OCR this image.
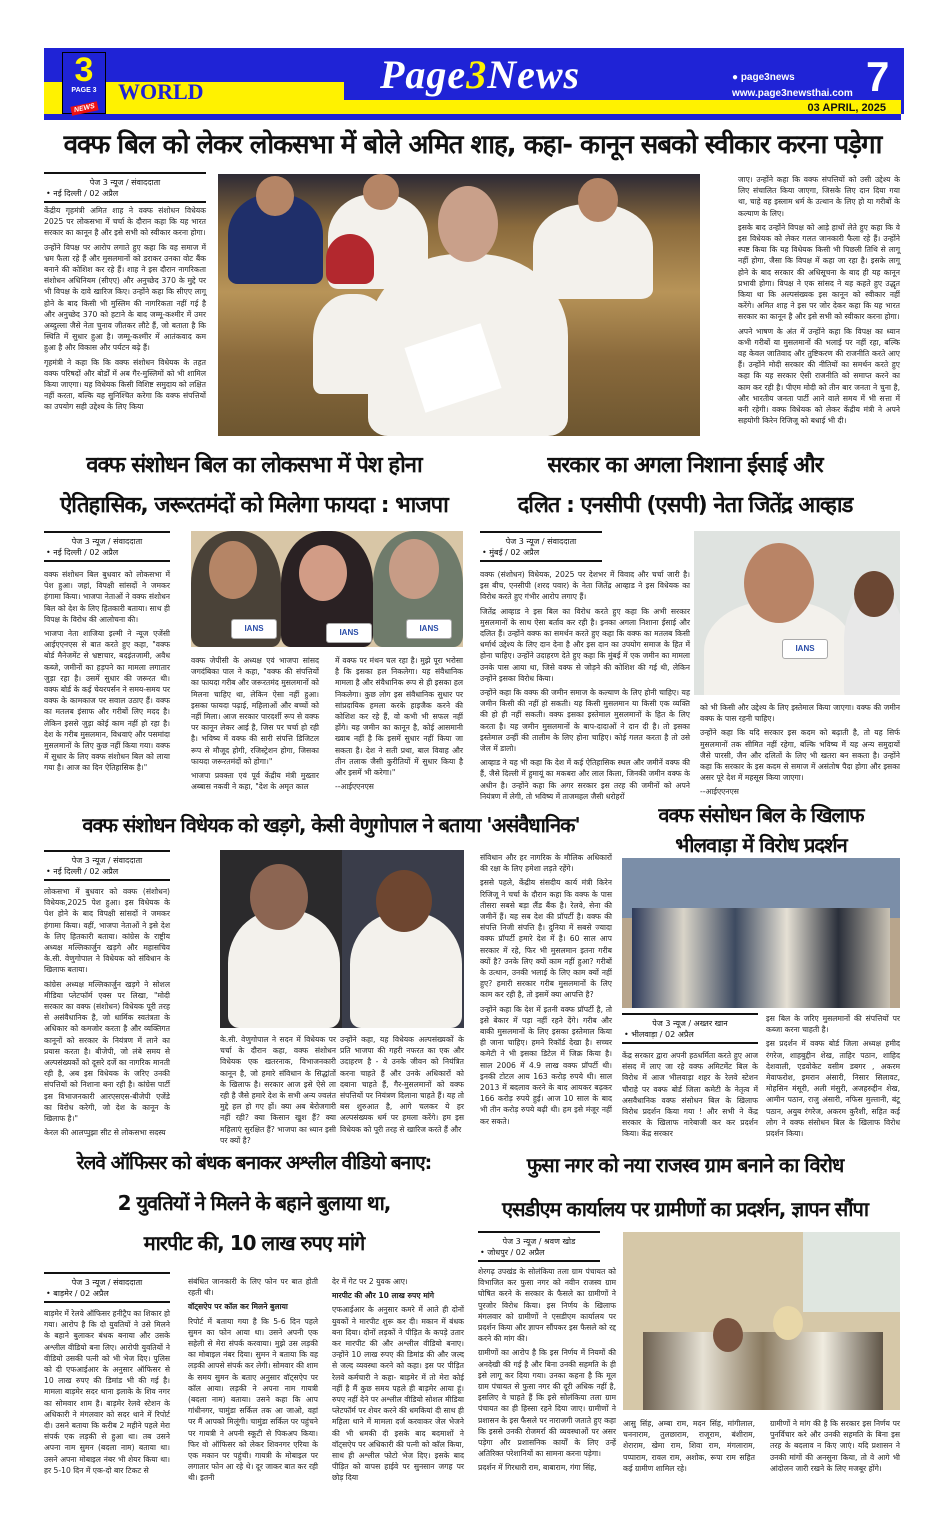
3
PAGE 3
NEWS
WORLD	Page3News	● page3news
www.page3newsthai.com 7
03 APRIL, 2025
वक्फ बिल को लेकर लोकसभा में बोले अमित शाह, कहा- कानून सबको स्वीकार करना पड़ेगा
पेज 3 न्यूज / संवाददाता
• नई दिल्ली / 02 अप्रैल

केंद्रीय गृहमंत्री अमित शाह ने वक्फ संशोधन विधेयक 2025 पर लोकसभा में चर्चा के दौरान कहा कि यह भारत सरकार का कानून है और इसे सभी को स्वीकार करना होगा।

उन्होंने विपक्ष पर आरोप लगाते हुए कहा कि वह समाज में भ्रम फैला रहे हैं और मुसलमानों को डराकर उनका वोट बैंक बनाने की कोशिश कर रहे हैं। शाह ने इस दौरान नागरिकता संशोधन अधिनियम (सीएए) और अनुच्छेद 370 के मुद्दे पर भी विपक्ष के दावे खारिज किए। उन्होंने कहा कि सीएए लागू होने के बाद किसी भी मुस्लिम की नागरिकता नहीं गई है और अनुच्छेद 370 को हटाने के बाद जम्मू-कश्मीर में उमर अब्दुल्ला जैसे नेता चुनाव जीतकर लौटे हैं, जो बताता है कि स्थिति में सुधार हुआ है। जम्मू-कश्मीर में आतंकवाद कम हुआ है और विकास और पर्यटन बढ़े हैं।

गृहमंत्री ने कहा कि कि वक्फ संशोधन विधेयक के तहत वक्फ परिषदों और बोर्डों में अब गैर-मुस्लिमों को भी शामिल किया जाएगा। यह विधेयक किसी विशिष्ट समुदाय को लक्षित नहीं करता, बल्कि यह सुनिश्चित करेगा कि वक्फ संपत्तियों का उपयोग सही उद्देश्य के लिए किया

जाए। उन्होंने कहा कि वक्फ संपत्तियों को उसी उद्देश्य के लिए संचालित किया जाएगा, जिसके लिए दान दिया गया था, चाहे वह इस्लाम धर्म के उत्थान के लिए हो या गरीबों के कल्याण के लिए।

इसके बाद उन्होंने विपक्ष को आड़े हाथों लेते हुए कहा कि वे इस विधेयक को लेकर गलत जानकारी फैला रहे हैं। उन्होंने स्पष्ट किया कि यह विधेयक किसी भी पिछली तिथि से लागू नहीं होगा, जैसा कि विपक्ष में कहा जा रहा है। इसके लागू होने के बाद सरकार की अधिसूचना के बाद ही यह कानून प्रभावी होगा। विपक्ष ने एक सांसद ने यह कहते हुए उद्धृत किया था कि अल्पसंख्यक इस कानून को स्वीकार नहीं करेंगे। अमित शाह ने इस पर जोर देकर कहा कि यह भारत सरकार का कानून है और इसे सभी को स्वीकार करना होगा।

अपने भाषण के अंत में उन्होंने कहा कि विपक्ष का ध्यान कभी गरीबों या मुसलमानों की भलाई पर नहीं रहा, बल्कि वह केवल जातिवाद और तुष्टिकरण की राजनीति करते आए हैं। उन्होंने मोदी सरकार की नीतियों का समर्थन करते हुए कहा कि यह सरकार ऐसी राजनीति को समाप्त करने का काम कर रही है। पीएम मोदी को तीन बार जनता ने चुना है, और भारतीय जनता पार्टी आने वाले समय में भी सत्ता में बनी रहेगी। वक्फ विधेयक को लेकर केंद्रीय मंत्री ने अपने सहयोगी किरेन रिजिजू को बधाई भी दी।

वक्फ संशोधन बिल का लोकसभा में पेश होना
ऐतिहासिक, जरूरतमंदों को मिलेगा फायदा : भाजपा
पेज 3 न्यूज / संवाददाता
• नई दिल्ली / 02 अप्रैल

वक्फ संशोधन बिल बुधवार को लोकसभा में पेश हुआ। जहां, विपक्षी सांसदों ने जमकर हंगामा किया। भाजपा नेताओं ने वक्फ संशोधन बिल को देश के लिए हितकारी बताया। साथ ही विपक्ष के विरोध की आलोचना की।

भाजपा नेता शाजिया इल्मी ने न्यूज एजेंसी आईएएनएस से बात करते हुए कहा, "वक्फ बोर्ड मैनेजमेंट से भ्रष्टाचार, बदइंतजामी, अवैध कब्जे, जमीनों का हड़पने का मामला लगातार जुड़ा रहा है। उसमें सुधार की जरूरत थी। वक्फ बोर्ड के कई चेयरपर्सन ने समय-समय पर वक्फ के कामकाज पर सवाल उठाए हैं। वक्फ का मतलब इंसाफ और गरीबों लिए मदद है। लेकिन इससे जुड़ा कोई काम नहीं हो रहा है। देश के गरीब मुसलमान, विधवाएं और पसमांदा मुसलमानों के लिए कुछ नहीं किया गया। वक्फ में सुधार के लिए वक्फ संशोधन बिल को लाया गया है। आज का दिन ऐतिहासिक है।"

IANS	IANS	IANS

वक्फ जेपीसी के अध्यक्ष एवं भाजपा सांसद जगदंबिका पाल ने कहा, "वक्फ की संपत्तियों का फायदा गरीब और जरूरतमंद मुसलमानों को मिलना चाहिए था, लेकिन ऐसा नहीं हुआ। इसका फायदा पढ़ाई, महिलाओं और बच्चों को नहीं मिला। आज सरकार पारदर्शी रूप से वक्फ पर कानून लेकर आई है, जिस पर चर्चा हो रही है। भविष्य में वक्फ की सारी संपत्ति डिजिटल रूप से मौजूद होगी, रजिस्ट्रेशन होगा, जिसका फायदा जरूरतमंदों को होगा।"

भाजपा प्रवक्ता एवं पूर्व केंद्रीय मंत्री मुख्तार अब्बास नकवी ने कहा, "देश के अमृत काल

में वक्फ पर मंथन चल रहा है। मुझे पूरा भरोसा है कि इसका हल निकलेगा। यह संवैधानिक मामला है और संवैधानिक रूप से ही इसका हल निकलेगा। कुछ लोग इस संवैधानिक सुधार पर सांप्रदायिक हमला करके हाइजैक करने की कोशिश कर रहे हैं, वो कभी भी सफल नहीं होंगे। यह जमीन का कानून है, कोई आसमानी ख्वाब नहीं है कि इसमें सुधार नहीं किया जा सकता है। देश ने सती प्रथा, बाल विवाह और तीन तलाक जैसी कुरीतियों में सुधार किया है और इसमें भी करेगा।"

--आईएएनएस

सरकार का अगला निशाना ईसाई और
दलित : एनसीपी (एसपी) नेता जितेंद्र आव्हाड
पेज 3 न्यूज / संवाददाता
• मुंबई / 02 अप्रैल

वक्फ (संशोधन) विधेयक, 2025 पर देशभर में विवाद और चर्चा जारी है। इस बीच, एनसीपी (शरद पवार) के नेता जितेंद्र आव्हाड ने इस विधेयक का विरोध करते हुए गंभीर आरोप लगाए हैं।

जितेंद्र आव्हाड ने इस बिल का विरोध करते हुए कहा कि अभी सरकार मुसलमानों के साथ ऐसा बर्ताव कर रही है। इनका अगला निशाना ईसाई और दलित हैं। उन्होंने वक्फ का समर्थन करते हुए कहा कि वक्फ का मतलब किसी धर्मार्थ उद्देश्य के लिए दान देना है और इस दान का उपयोग समाज के हित में होना चाहिए। उन्होंने उदाहरण देते हुए कहा कि मुंबई में एक जमीन का मामला उनके पास आया था, जिसे वक्फ से जोड़ने की कोशिश की गई थी, लेकिन उन्होंने इसका विरोध किया।

उन्होंने कहा कि वक्फ की जमीन समाज के कल्याण के लिए होनी चाहिए। यह जमीन किसी की नहीं हो सकती। यह किसी मुसलमान या किसी एक व्यक्ति की हो ही नहीं सकती। वक्फ इसका इस्तेमाल मुसलमानों के हित के लिए करता है। यह जमीन मुसलमानों के बाप-दादाओं ने दान दी है। तो इसका इस्तेमाल उन्हीं की तालीम के लिए होना चाहिए। कोई गलत करता है तो उसे जेल में डालो।

आव्हाड ने यह भी कहा कि देश में कई ऐतिहासिक स्थल और जमीनें वक्फ की हैं, जैसे दिल्ली में हुमायूं का मकबरा और लाल किला, जिनकी जमीन वक्फ के अधीन है। उन्होंने कहा कि अगर सरकार इस तरह की जमीनों को अपने नियंत्रण में लेगी, तो भविष्य में ताजमहल जैसी धरोहरों

IANS

को भी किसी और उद्देश्य के लिए इस्तेमाल किया जाएगा। वक्फ की जमीन वक्फ के पास रहनी चाहिए।

उन्होंने कहा कि यदि सरकार इस कदम को बढ़ाती है, तो यह सिर्फ मुसलमानों तक सीमित नहीं रहेगा, बल्कि भविष्य में यह अन्य समुदायों जैसे पारसी, जैन और दलितों के लिए भी खतरा बन सकता है। उन्होंने कहा कि सरकार के इस कदम से समाज में असंतोष पैदा होगा और इसका असर पूरे देश में महसूस किया जाएगा।

--आईएएनएस

वक्फ संशोधन विधेयक को खड़गे, केसी वेणुगोपाल ने बताया 'असंवैधानिक'
पेज 3 न्यूज / संवाददाता
• नई दिल्ली / 02 अप्रैल

लोकसभा में बुधवार को वक्फ (संशोधन) विधेयक,2025 पेश हुआ। इस विधेयक के पेश होने के बाद विपक्षी सांसदों ने जमकर हंगामा किया। वहीं, भाजपा नेताओं ने इसे देश के लिए हितकारी बताया। कांग्रेस के राष्ट्रीय अध्यक्ष मल्लिकार्जुन खड़गे और महासचिव के.सी. वेणुगोपाल ने विधेयक को संविधान के खिलाफ बताया।

कांग्रेस अध्यक्ष मल्लिकार्जुन खड़गे ने सोशल मीडिया प्लेटफॉर्म एक्स पर लिखा, "मोदी सरकार का वक्फ (संशोधन) विधेयक पूरी तरह से असंवैधानिक है, जो धार्मिक स्वतंत्रता के अधिकार को कमजोर करता है और व्यक्तिगत कानूनों को सरकार के नियंत्रण में लाने का प्रयास करता है। बीजेपी, जो लंबे समय से अल्पसंख्यकों को दूसरे दर्जे का नागरिक मानती रही है, अब इस विधेयक के जरिए उनकी संपत्तियों को निशाना बना रही है। कांग्रेस पार्टी इस विभाजनकारी आरएसएस-बीजेपी एजेंडे का विरोध करेगी, जो देश के कानून के खिलाफ है।"

केरल की आलप्पुझा सीट से लोकसभा सदस्य

के.सी. वेणुगोपाल ने सदन में विधेयक पर चर्चा के दौरान कहा, वक्फ संशोधन विधेयक एक खतरनाक, विभाजनकारी कानून है, जो हमारे संविधान के सिद्धांतों के खिलाफ है। सरकार आज इसे ऐसे ला रही है जैसे हमारे देश के सभी अन्य ज्वलंत मुद्दे हल हो गए हों। क्या अब बेरोजगारी नहीं रही? क्या किसान खुश हैं? क्या महिलाएं सुरक्षित हैं? भाजपा का ध्यान इसी पर क्यों है?

उन्होंने कहा, यह विधेयक अल्पसंख्यकों के प्रति भाजपा की गहरी नफरत का एक और उदाहरण है - ये उनके जीवन को नियंत्रित करना चाहते हैं और उनके अधिकारों को दबाना चाहते हैं, गैर-मुसलमानों को वक्फ संपत्तियों पर नियंत्रण दिलाना चाहते हैं। यह तो बस शुरुआत है, आगे चलकर ये हर अल्पसंख्यक धर्म पर हमला करेंगे। हम इस विधेयक को पूरी तरह से खारिज करते हैं और

संविधान और हर नागरिक के मौलिक अधिकारों की रक्षा के लिए हमेशा लड़ते रहेंगे।

इससे पहले, केंद्रीय संसदीय कार्य मंत्री किरेन रिजिजू ने चर्चा के दौरान कहा कि वक्फ के पास तीसरा सबसे बड़ा लैंड बैंक है। रेलवे, सेना की जमीनें हैं। यह सब देश की प्रॉपर्टी है। वक्फ की संपत्ति निजी संपत्ति है। दुनिया में सबसे ज्यादा वक्फ प्रॉपर्टी हमारे देश में है। 60 साल आप सरकार में रहे, फिर भी मुसलमान इतना गरीब क्यों है? उनके लिए क्यों काम नहीं हुआ? गरीबों के उत्थान, उनकी भलाई के लिए काम क्यों नहीं हुए? हमारी सरकार गरीब मुसलमानों के लिए काम कर रही है, तो इसमें क्या आपत्ति है?

उन्होंने कहा कि देश में इतनी वक्फ प्रॉपर्टी है, तो इसे बेकार में पड़ा नहीं रहने देंगे। गरीब और बाकी मुसलमानों के लिए इसका इस्तेमाल किया ही जाना चाहिए। हमने रिकॉर्ड देखा है। सच्चर कमेटी ने भी इसका डिटेल में जिक्र किया है। साल 2006 में 4.9 लाख वक्फ प्रॉपर्टी थी। इनकी टोटल आय 163 करोड़ रुपये थी। साल 2013 में बदलाव करने के बाद आयकर बढ़कर 166 करोड़ रुपये हुई। आज 10 साल के बाद भी तीन करोड़ रुपये बढ़ी थी। हम इसे मंजूर नहीं कर सकते।

वक्फ संसोधन बिल के खिलाफ
भीलवाड़ा में विरोध प्रदर्शन
पेज 3 न्यूज / अख्तर खान
• भीलवाड़ा / 02 अप्रैल

केंद्र सरकार द्वारा अपनी हठधर्मिता करते हुए आज संसद में लाए जा रहे वक्फ अमिटमेंट बिल के विरोध में आज भीलवाड़ा शहर के रेलवे स्टेशन चौराहे पर वक्फ बोर्ड जिला कमेटी के नेतृत्व में असवैधानिक वक्फ संसोधन बिल के खिलाफ विरोध प्रदर्शन किया गया ! और सभी ने केंद्र सरकार के खिलाफ नारेबाजी कर कर प्रदर्शन किया। केंद्र सरकार

इस बिल के जरिए मुसलमानों की संपत्तियों पर कब्जा करना चाहती है।

इस प्रदर्शन में वक्फ बोर्ड जिला अध्यक्ष हमीद रंगरेज, शाहबुद्दीन शेख, ताहिर पठान, शाहिद देशवाली, एडवोकेट वसीम डबगर , अकरम मेवाफरोश, इमरान अंसारी, निसार सिलावट, मोहसिन मंसूरी, अली मंसुरी, अजहरुद्दीन शेख, आमीन पठान, राजु अंसारी, नफिस मुल्तानी, बंटू पठान, अयुब रंगरेज, अकरम कुरैशी, सहित कई लोग ने वक्फ संसोधन बिल के खिलाफ विरोध प्रदर्शन किया।

रेलवे ऑफिसर को बंधक बनाकर अश्लील वीडियो बनाए:
2 युवतियों ने मिलने के बहाने बुलाया था,
मारपीट की, 10 लाख रुपए मांगे
पेज 3 न्यूज / संवाददाता
• बाड़मेर / 02 अप्रैल

बाड़मेर में रेलवे ऑफिसर हनीट्रैप का शिकार हो गया। आरोप है कि दो युवतियों ने उसे मिलने के बहाने बुलाकर बंधक बनाया और उसके अश्लील वीडियो बना लिए। आरोपी युवतियों ने वीडियो उसकी पत्नी को भी भेज दिए। पुलिस को दी एफआईआर के अनुसार ऑफिसर से 10 लाख रुपए की डिमांड भी की गई है। मामला बाड़मेर सदर थाना इलाके के शिव नगर का सोमवार शाम है। बाड़मेर रेलवे स्टेशन के अधिकारी ने मंगलवार को सदर थाने में रिपोर्ट दी। उसने बताया कि करीब 2 महीने पहले मेरा संपर्क एक लड़की से हुआ था। तब उसने अपना नाम सुमन (बदला नाम) बताया था। उसने अपना मोबाइल नंबर भी शेयर किया था। हर 5-10 दिन में एक-दो बार टिकट से

संबंधित जानकारी के लिए फोन पर बात होती रहती थी।

वॉट्सऐप पर कॉल कर मिलने बुलाया

रिपोर्ट में बताया गया है कि 5-6 दिन पहले सुमन का फोन आया था। उसने अपनी एक सहेली से मेरा संपर्क करवाया। मुझे उस लड़की का मोबाइल नंबर दिया। सुमन ने बताया कि वह लड़की आपसे संपर्क कर लेगी। सोमवार की शाम के समय सुमन के बताए अनुसार वॉट्सऐप पर कॉल आया। लड़की ने अपना नाम गायत्री (बदला नाम) बताया। उसने कहा कि आप गांधीनगर, चामुंडा सर्किल तक आ जाओ, वहां पर मैं आपको मिलूंगी। चामुंडा सर्किल पर पहुंचने पर गायत्री ने अपनी स्कूटी से पिकअप किया। फिर वो ऑफिसर को लेकर शिवनगर एरिया के एक मकान पर पहुंची। गायत्री के मोबाइल पर लगातार फोन आ रहे थे। दूर जाकर बात कर रही थी। इतनी

देर में गेट पर 2 युवक आए।

मारपीट की और 10 लाख रुपए मांगे

एफआईआर के अनुसार कमरे में आते ही दोनों युवकों ने मारपीट शुरू कर दी। मकान में बंधक बना दिया। दोनों लड़कों ने पीड़ित के कपड़े उतार कर मारपीट की और अश्लील वीडियो बनाए। उन्होंने 10 लाख रुपए की डिमांड की और जल्द से जल्द व्यवस्था करने को कहा। इस पर पीड़ित रेलवे कर्मचारी ने कहा- बाड़मेर में तो मेरा कोई नहीं है मैं कुछ समय पहले ही बाड़मेर आया हूं। रुपए नहीं देने पर अश्लील वीडियो सोशल मीडिया प्लेटफॉर्म पर शेयर करने की धमकियां दी साथ ही महिला थाने में मामला दर्ज करवाकर जेल भेजने की भी धमकी दी इसके बाद बदमाशों ने वॉट्सऐप पर अधिकारी की पत्नी को कॉल किया, साथ ही अश्लील फोटो भेज दिए। इसके बाद पीड़ित को वापस हाईवे पर सुनसान जगह पर छोड़ दिया

फुसा नगर को नया राजस्व ग्राम बनाने का विरोध
एसडीएम कार्यालय पर ग्रामीणों का प्रदर्शन, ज्ञापन सौंपा
पेज 3 न्यूज / श्रवण खोड
• जोधपुर / 02 अप्रैल

शेरगढ़ उपखंड के सोलंकिया तला ग्राम पंचायत को विभाजित कर फुसा नगर को नवीन राजस्व ग्राम घोषित करने के सरकार के फैसले का ग्रामीणों ने पुरजोर विरोध किया। इस निर्णय के खिलाफ मंगलवार को ग्रामीणों ने एसडीएम कार्यालय पर प्रदर्शन किया और ज्ञापन सौंपकर इस फैसले को रद्द करने की मांग की।

ग्रामीणों का आरोप है कि इस निर्णय में नियमों की अनदेखी की गई है और बिना उनकी सहमति के ही इसे लागू कर दिया गया। उनका कहना है कि मूल ग्राम पंचायत से फुसा नगर की दूरी अधिक नहीं है, इसलिए वे चाहते हैं कि इसे सोलंकिया तला ग्राम पंचायत का ही हिस्सा रहने दिया जाए। ग्रामीणों ने प्रशासन के इस फैसले पर नाराजगी जताते हुए कहा कि इससे उनकी रोजमर्रा की व्यवस्थाओं पर असर पड़ेगा और प्रशासनिक कार्यों के लिए उन्हें अतिरिक्त परेशानियों का सामना करना पड़ेगा।

प्रदर्शन में गिरधारी राम, बाबाराम, गंगा सिंह,

आसु सिंह, अम्बा राम, मदन सिंह, मांगीलाल, चननाराम, तुलछाराम, राजूराम, बंशीराम, शेराराम, खेमा राम, शिवा राम, मंगलाराम, पप्पाराम, रावल राम, अशोक, रूपा राम सहित कई ग्रामीण शामिल रहे।

ग्रामीणों ने मांग की है कि सरकार इस निर्णय पर पुनर्विचार करे और उनकी सहमति के बिना इस तरह के बदलाव न किए जाएं। यदि प्रशासन ने उनकी मांगों की अनसुना किया, तो वे आगे भी आंदोलन जारी रखने के लिए मजबूर होंगे।
